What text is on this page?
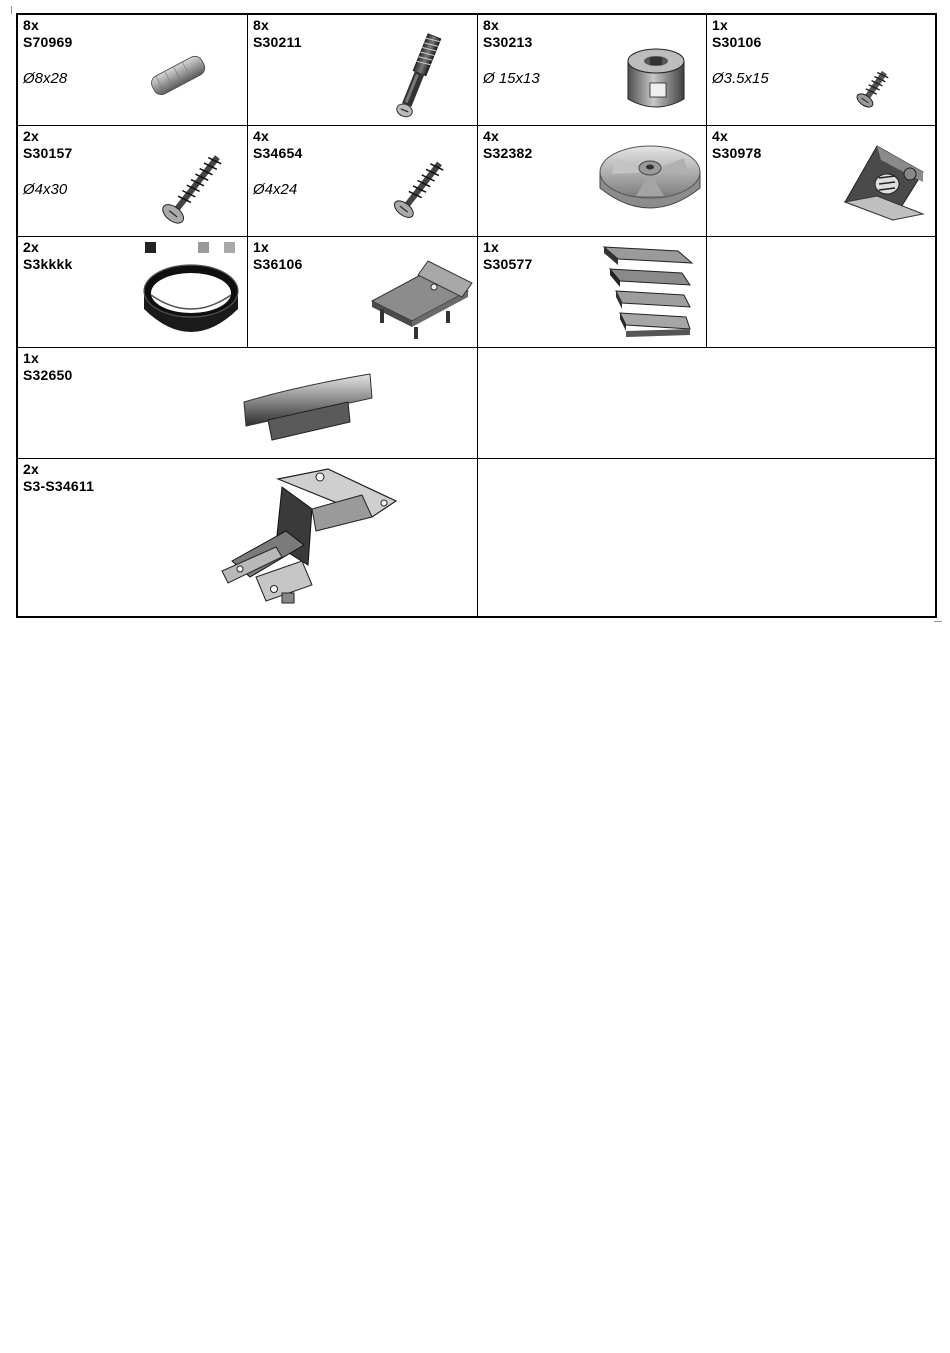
8x
S70969
Ø8x28
8x
S30211
8x
S30213
Ø 15x13
1x
S30106
Ø3.5x15
2x
S30157
Ø4x30
4x
S34654
Ø4x24
4x
S32382
4x
S30978
2x
S3kkkk
1x
S36106
1x
S30577
1x
S32650
2x
S3-S34611
